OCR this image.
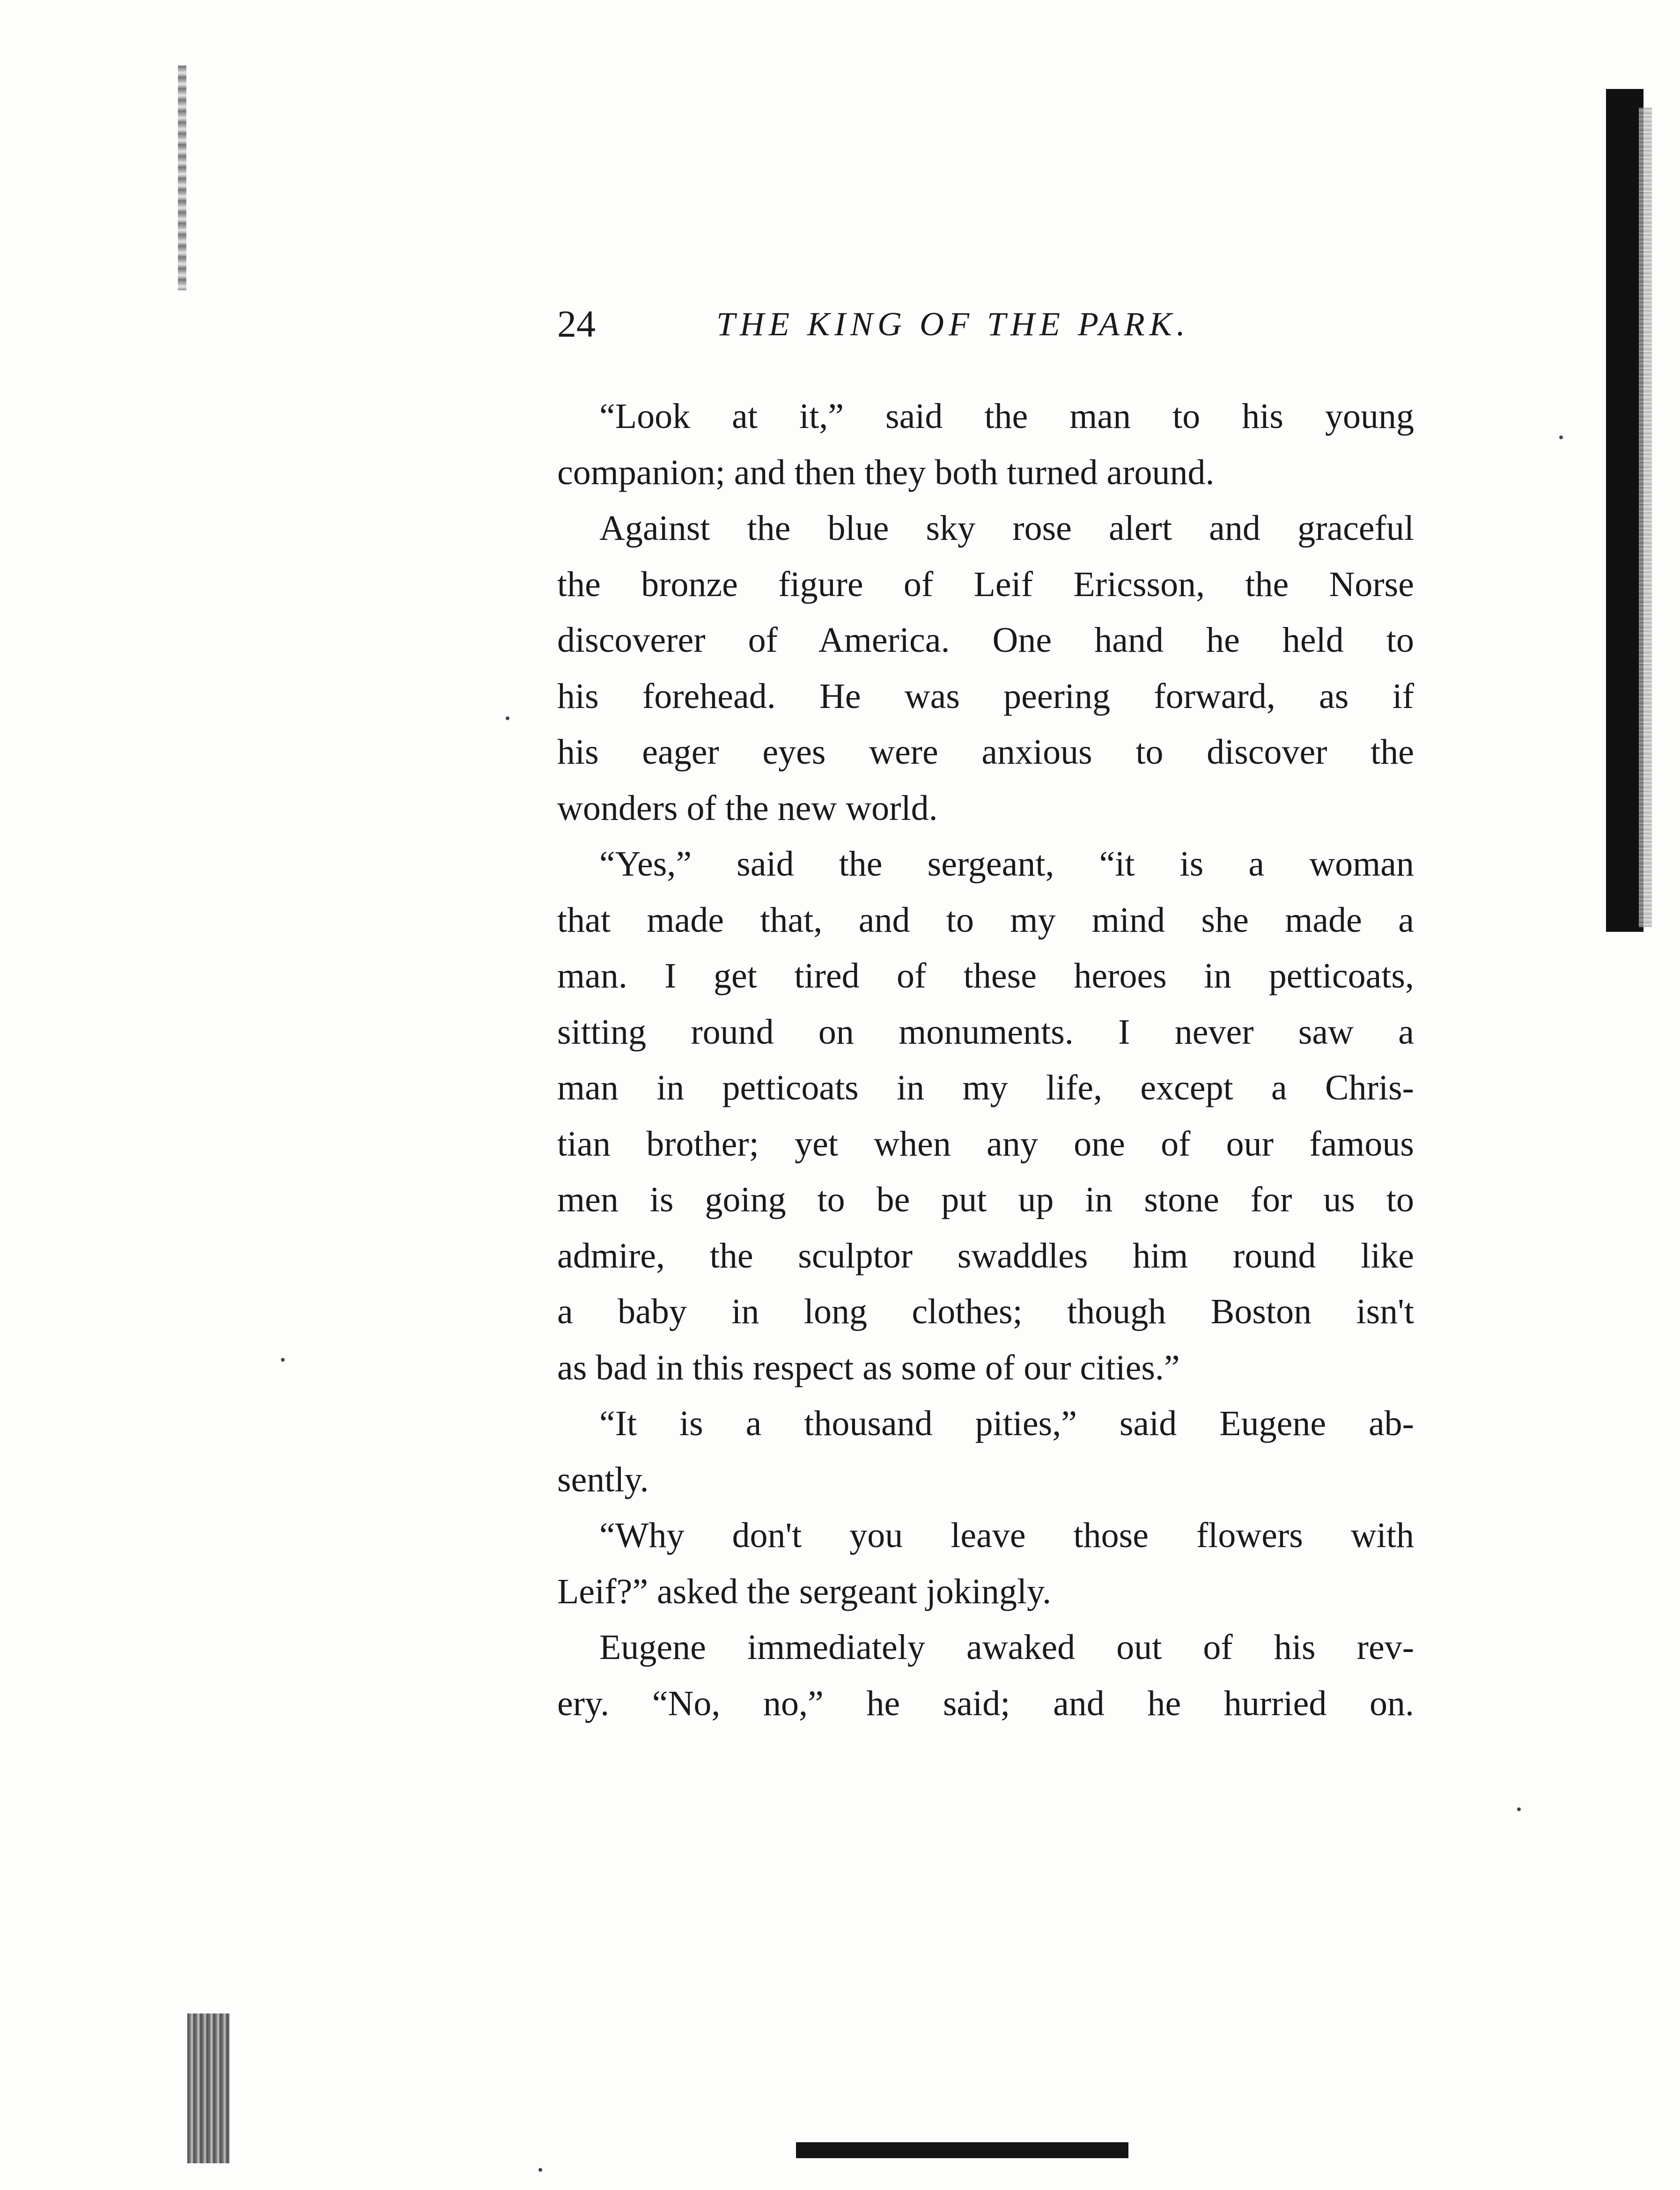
24	THE KING OF THE PARK.
“Look at it,” said the man to his young
companion; and then they both turned around.
Against the blue sky rose alert and graceful
the bronze figure of Leif Ericsson, the Norse
discoverer of America. One hand he held to
his forehead. He was peering forward, as if
his eager eyes were anxious to discover the
wonders of the new world.
“Yes,” said the sergeant, “it is a woman
that made that, and to my mind she made a
man. I get tired of these heroes in petticoats,
sitting round on monuments. I never saw a
man in petticoats in my life, except a Chris-
tian brother; yet when any one of our famous
men is going to be put up in stone for us to
admire, the sculptor swaddles him round like
a baby in long clothes; though Boston isn't
as bad in this respect as some of our cities.”
“It is a thousand pities,” said Eugene ab-
sently.
“Why don't you leave those flowers with
Leif?” asked the sergeant jokingly.
Eugene immediately awaked out of his rev-
ery. “No, no,” he said; and he hurried on.
